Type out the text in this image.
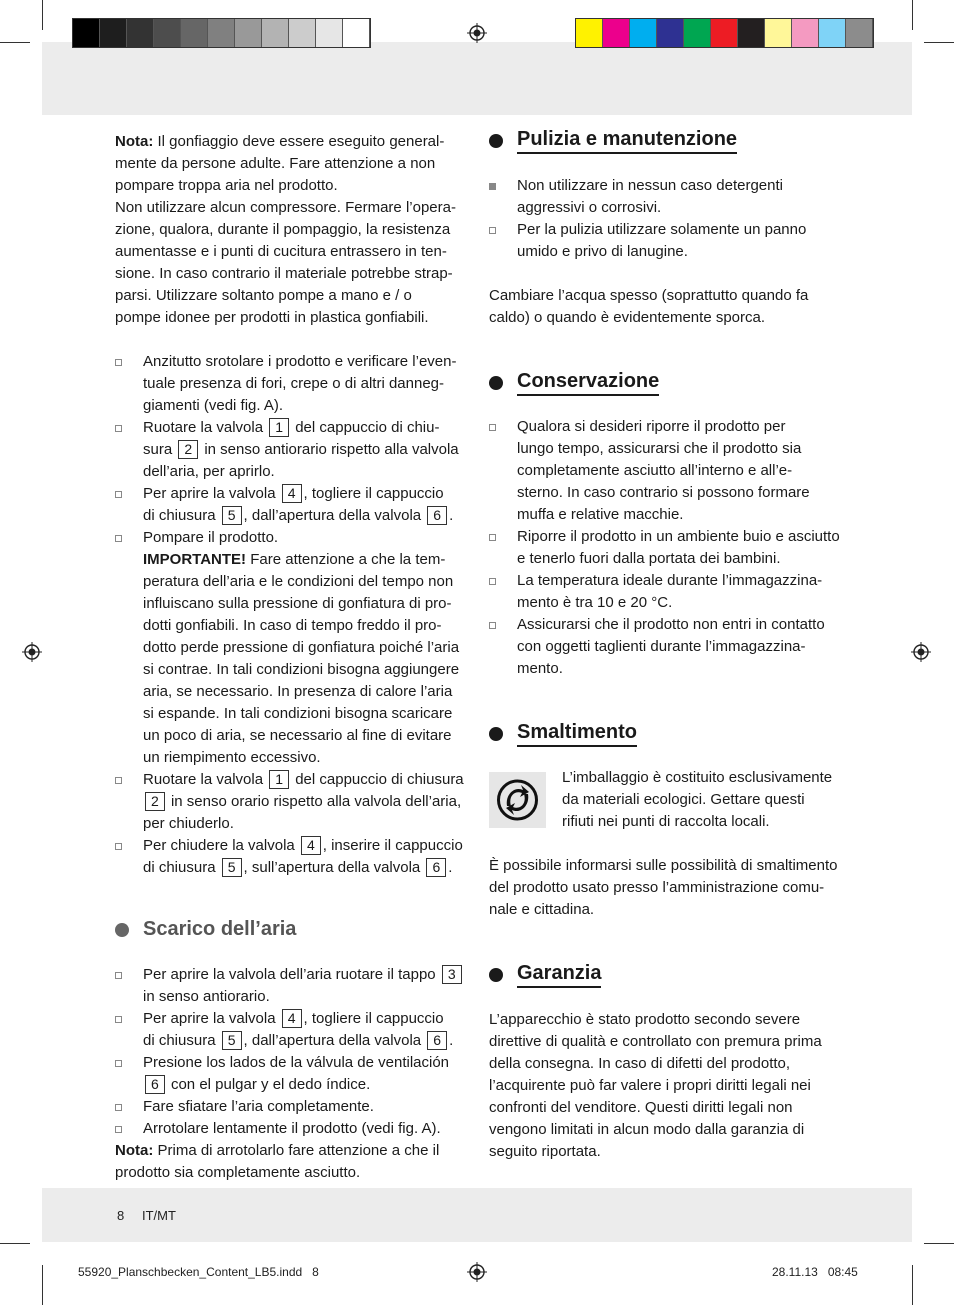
Nota: Il gonfiaggio deve essere eseguito general-
mente da persone adulte. Fare attenzione a non
pompare troppa aria nel prodotto.
Non utilizzare alcun compressore. Fermare l’opera-
zione, qualora, durante il pompaggio, la resistenza
aumentasse e i punti di cucitura entrassero in ten-
sione. In caso contrario il materiale potrebbe strap-
parsi. Utilizzare soltanto pompe a mano e / o
pompe idonee per prodotti in plastica gonfiabili.

Anzitutto srotolare i prodotto e verificare l’even-
tuale presenza di fori, crepe o di altri danneg-
giamenti (vedi fig. A).
Ruotare la valvola 1 del cappuccio di chiu-
sura 2 in senso antiorario rispetto alla valvola
dell’aria, per aprirlo.
Per aprire la valvola 4 , togliere il cappuccio
di chiusura 5 , dall’apertura della valvola 6 .
Pompare il prodotto.
IMPORTANTE! Fare attenzione a che la tem-
peratura dell’aria e le condizioni del tempo non
influiscano sulla pressione di gonfiatura di pro-
dotti gonfiabili. In caso di tempo freddo il pro-
dotto perde pressione di gonfiatura poiché l’aria
si contrae. In tali condizioni bisogna aggiungere
aria, se necessario. In presenza di calore l’aria
si espande. In tali condizioni bisogna scaricare
un poco di aria, se necessario al fine di evitare
un riempimento eccessivo.
Ruotare la valvola 1 del cappuccio di chiusura
2 in senso orario rispetto alla valvola dell’aria,
per chiuderlo.
Per chiudere la valvola 4 , inserire il cappuccio
di chiusura 5 , sull’apertura della valvola 6 .
Scarico dell’aria
Per aprire la valvola dell’aria ruotare il tappo 3
in senso antiorario.
Per aprire la valvola 4 , togliere il cappuccio
di chiusura 5 , dall’apertura della valvola 6 .
Presione los lados de la válvula de ventilación
6 con el pulgar y el dedo índice.
Fare sfiatare l’aria completamente.
Arrotolare lentamente il prodotto (vedi fig. A).

Nota: Prima di arrotolarlo fare attenzione a che il
prodotto sia completamente asciutto.

Pulizia e manutenzione
Non utilizzare in nessun caso detergenti
aggressivi o corrosivi.
Per la pulizia utilizzare solamente un panno
umido e privo di lanugine.

Cambiare l’acqua spesso (soprattutto quando fa
caldo) o quando è evidentemente sporca.

Conservazione
Qualora si desideri riporre il prodotto per
lungo tempo, assicurarsi che il prodotto sia
completamente asciutto all’interno e all’e-
sterno. In caso contrario si possono formare
muffa e relative macchie.
Riporre il prodotto in un ambiente buio e asciutto
e tenerlo fuori dalla portata dei bambini.
La temperatura ideale durante l’immagazzina-
mento è tra 10 e 20 °C.
Assicurarsi che il prodotto non entri in contatto
con oggetti taglienti durante l’immagazzina-
mento.
Smaltimento

L’imballaggio è costituito esclusivamente
da materiali ecologici. Gettare questi
rifiuti nei punti di raccolta locali.

È possibile informarsi sulle possibilità di smaltimento
del prodotto usato presso l’amministrazione comu-
nale e cittadina.

Garanzia

L’apparecchio è stato prodotto secondo severe
direttive di qualità e controllato con premura prima
della consegna. In caso di difetti del prodotto,
l’acquirente può far valere i propri diritti legali nei
confronti del venditore. Questi diritti legali non
vengono limitati in alcun modo dalla garanzia di
seguito riportata.

8 IT/MT
55920_Planschbecken_Content_LB5.indd   8	28.11.13   08:45
